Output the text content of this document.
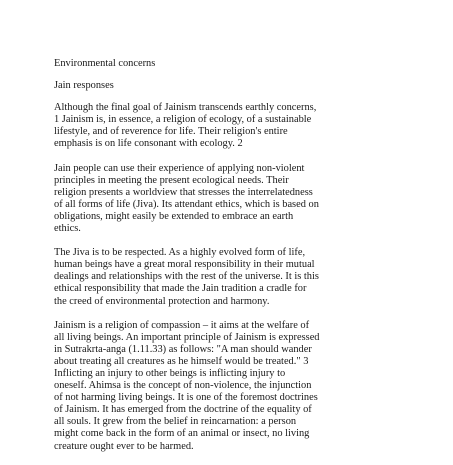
Environmental concerns

Jain responses

Although the final goal of Jainism transcends earthly concerns,
1 Jainism is, in essence, a religion of ecology, of a sustainable
lifestyle, and of reverence for life. Their religion's entire
emphasis is on life consonant with ecology. 2
Jain people can use their experience of applying non-violent
principles in meeting the present ecological needs. Their
religion presents a worldview that stresses the interrelatedness
of all forms of life (Jiva). Its attendant ethics, which is based on
obligations, might easily be extended to embrace an earth
ethics.
The Jiva is to be respected. As a highly evolved form of life,
human beings have a great moral responsibility in their mutual
dealings and relationships with the rest of the universe. It is this
ethical responsibility that made the Jain tradition a cradle for
the creed of environmental protection and harmony.
Jainism is a religion of compassion – it aims at the welfare of
all living beings. An important principle of Jainism is expressed
in Sutrakrta-anga (1.11.33) as follows: "A man should wander
about treating all creatures as he himself would be treated." 3
Inflicting an injury to other beings is inflicting injury to
oneself. Ahimsa is the concept of non-violence, the injunction
of not harming living beings. It is one of the foremost doctrines
of Jainism. It has emerged from the doctrine of the equality of
all souls. It grew from the belief in reincarnation: a person
might come back in the form of an animal or insect, no living
creature ought ever to be harmed.
